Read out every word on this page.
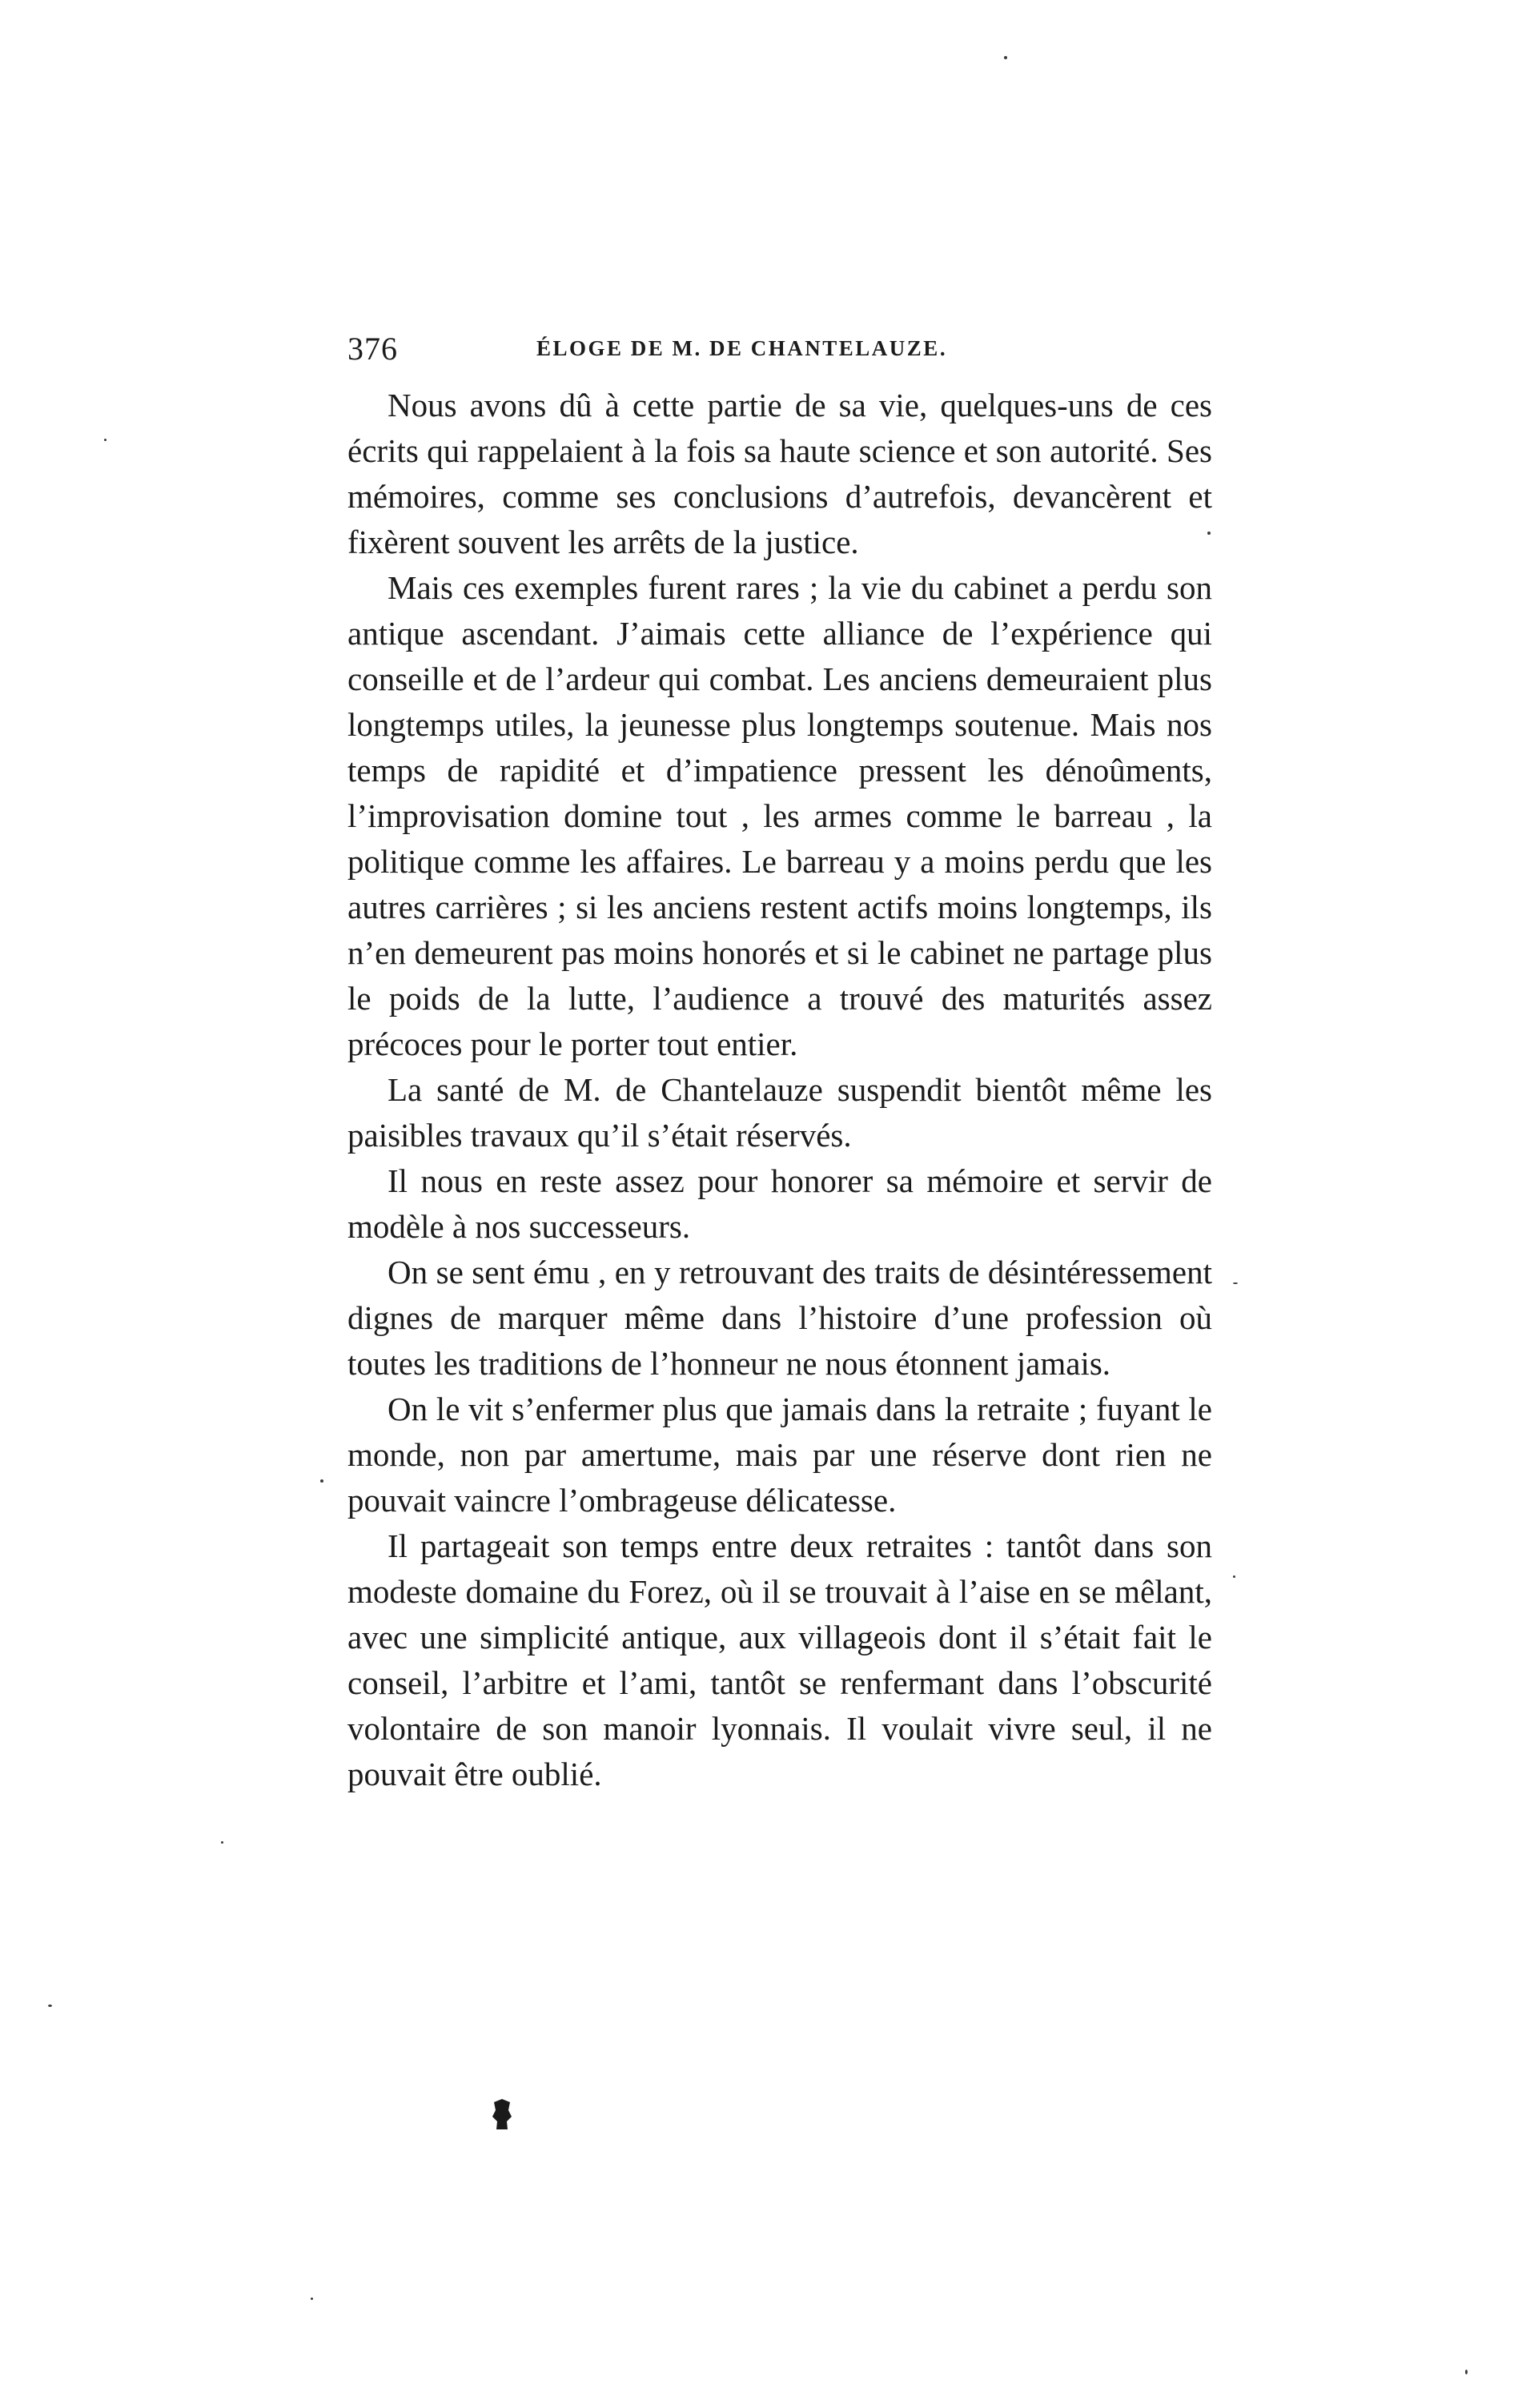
376	ÉLOGE DE M. DE CHANTELAUZE.

Nous avons dû à cette partie de sa vie, quelques-uns de ces écrits qui rappelaient à la fois sa haute science et son autorité. Ses mémoires, comme ses conclusions d’autrefois, devancèrent et fixèrent souvent les arrêts de la justice.

Mais ces exemples furent rares ; la vie du cabinet a perdu son antique ascendant. J’aimais cette alliance de l’expérience qui conseille et de l’ardeur qui combat. Les anciens demeuraient plus longtemps utiles, la jeunesse plus longtemps soutenue. Mais nos temps de rapidité et d’impatience pressent les dénoûments, l’improvisation domine tout , les armes comme le barreau , la politique comme les affaires. Le barreau y a moins perdu que les autres carrières ; si les anciens restent actifs moins longtemps, ils n’en demeurent pas moins honorés et si le cabinet ne partage plus le poids de la lutte, l’audience a trouvé des maturités assez précoces pour le porter tout entier.

La santé de M. de Chantelauze suspendit bientôt même les paisibles travaux qu’il s’était réservés.

Il nous en reste assez pour honorer sa mémoire et servir de modèle à nos successeurs.

On se sent ému , en y retrouvant des traits de désintéressement dignes de marquer même dans l’histoire d’une profession où toutes les traditions de l’honneur ne nous étonnent jamais.

On le vit s’enfermer plus que jamais dans la retraite ; fuyant le monde, non par amertume, mais par une réserve dont rien ne pouvait vaincre l’ombrageuse délicatesse.

Il partageait son temps entre deux retraites : tantôt dans son modeste domaine du Forez, où il se trouvait à l’aise en se mêlant, avec une simplicité antique, aux villageois dont il s’était fait le conseil, l’arbitre et l’ami, tantôt se renfermant dans l’obscurité volontaire de son manoir lyonnais. Il voulait vivre seul, il ne pouvait être oublié.
